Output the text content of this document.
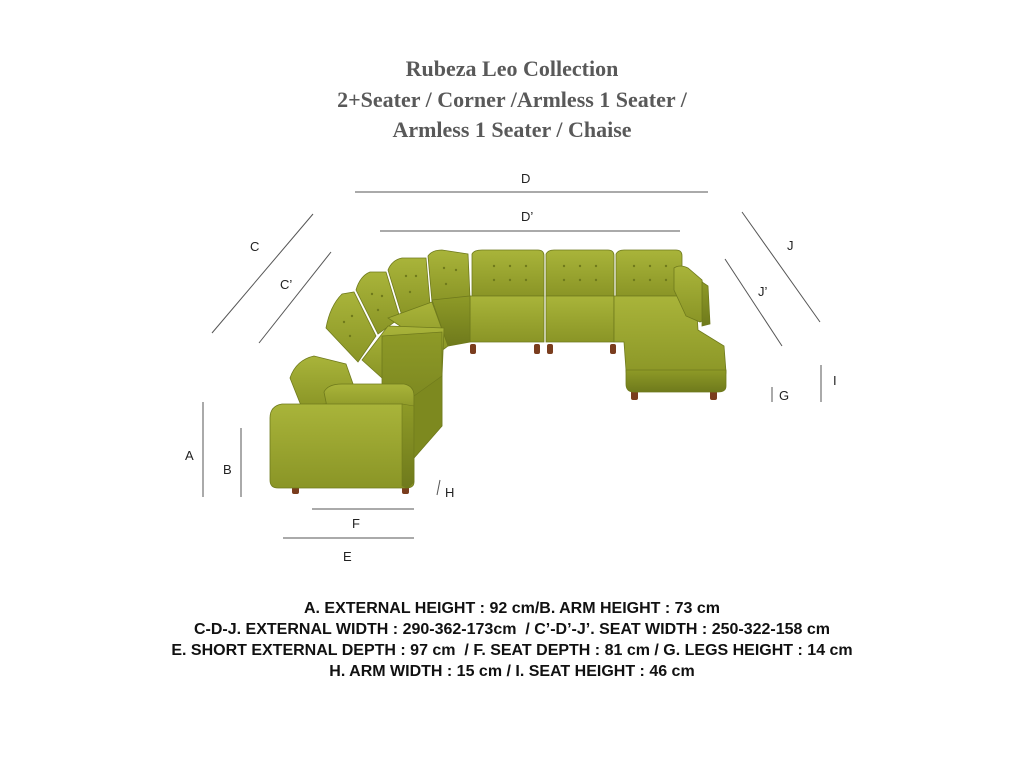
Rubeza Leo Collection
2+Seater / Corner /Armless 1 Seater /
Armless 1 Seater / Chaise
D
D’
C
C’
J
J’
I
G
A
B
H
F
E
A. EXTERNAL HEIGHT : 92 cm/B. ARM HEIGHT : 73 cm
C-D-J. EXTERNAL WIDTH : 290-362-173cm  / C’-D’-J’. SEAT WIDTH : 250-322-158 cm
E. SHORT EXTERNAL DEPTH : 97 cm  / F. SEAT DEPTH : 81 cm / G. LEGS HEIGHT : 14 cm
H. ARM WIDTH : 15 cm / I. SEAT HEIGHT : 46 cm
